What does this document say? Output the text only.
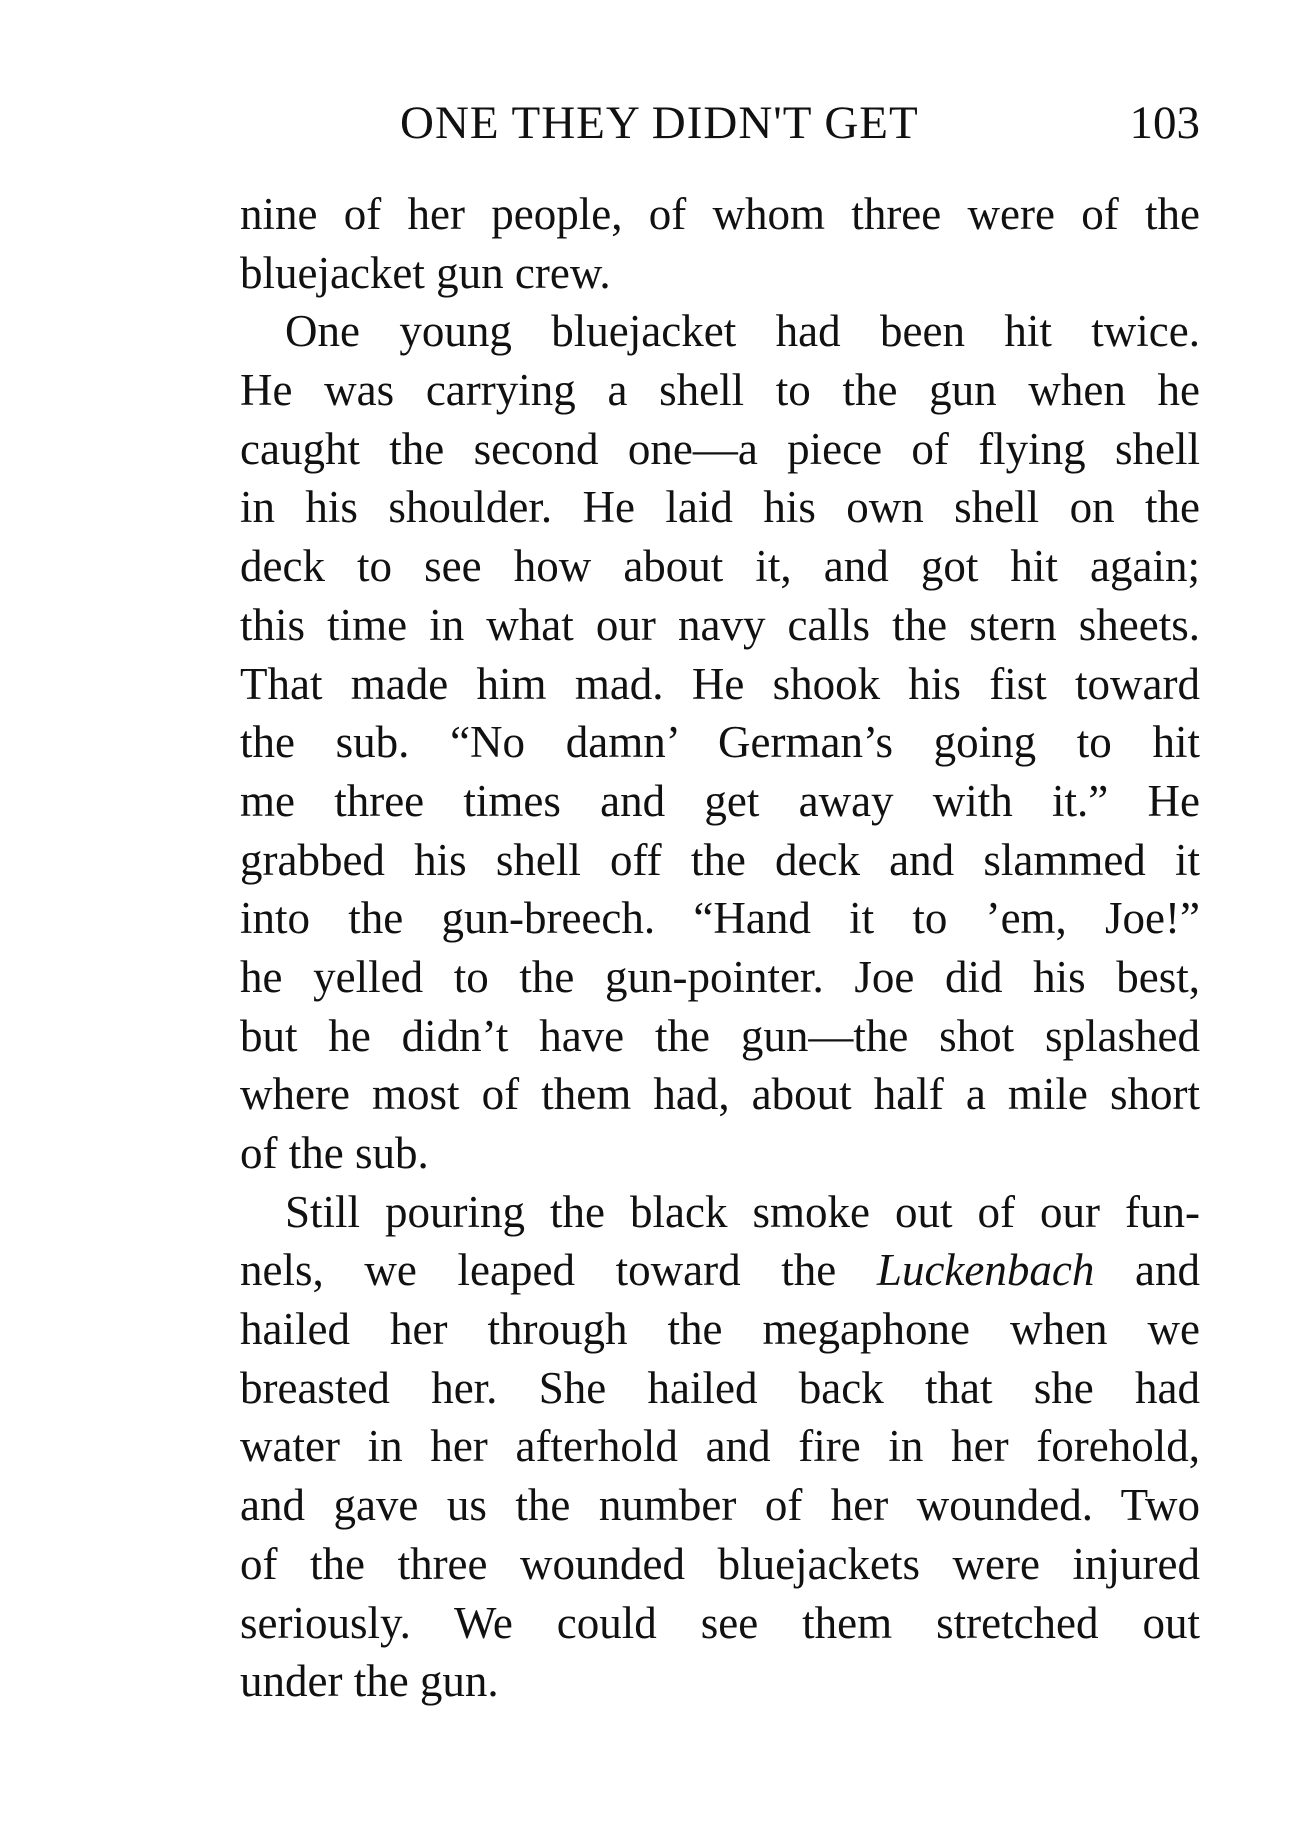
ONE THEY DIDN'T GET	103
nine of her people, of whom three were of the
bluejacket gun crew.
One young bluejacket had been hit twice.
He was carrying a shell to the gun when he
caught the second one—a piece of flying shell
in his shoulder. He laid his own shell on the
deck to see how about it, and got hit again;
this time in what our navy calls the stern sheets.
That made him mad. He shook his fist toward
the sub. “No damn’ German’s going to hit
me three times and get away with it.” He
grabbed his shell off the deck and slammed it
into the gun-breech. “Hand it to ’em, Joe!”
he yelled to the gun-pointer. Joe did his best,
but he didn’t have the gun—the shot splashed
where most of them had, about half a mile short
of the sub.
Still pouring the black smoke out of our fun-
nels, we leaped toward the Luckenbach and
hailed her through the megaphone when we
breasted her. She hailed back that she had
water in her afterhold and fire in her forehold,
and gave us the number of her wounded. Two
of the three wounded bluejackets were injured
seriously. We could see them stretched out
under the gun.
